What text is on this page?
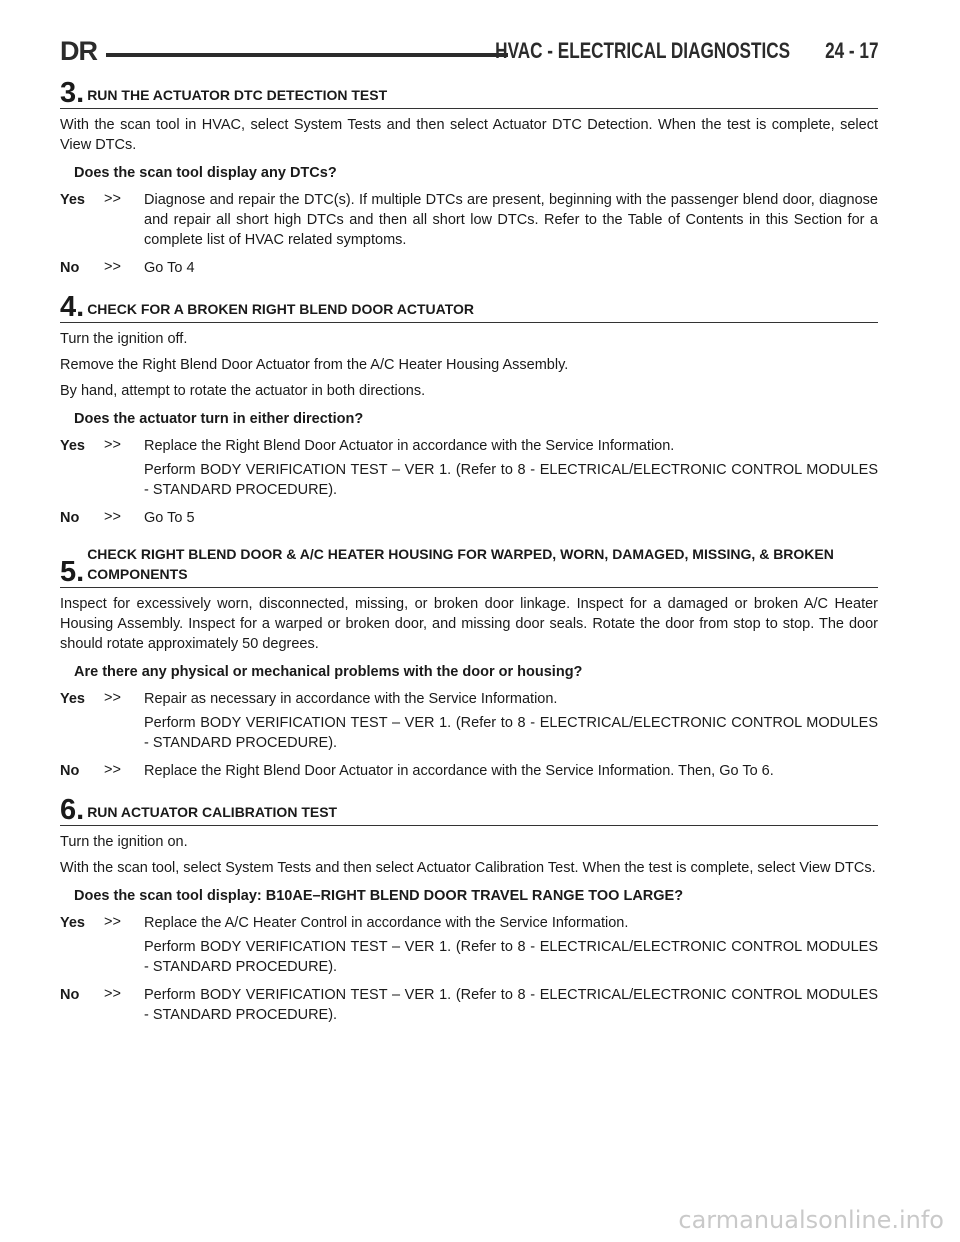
DR	HVAC - ELECTRICAL DIAGNOSTICS 24 - 17
3. RUN THE ACTUATOR DTC DETECTION TEST

With the scan tool in HVAC, select System Tests and then select Actuator DTC Detection. When the test is complete, select View DTCs.

Does the scan tool display any DTCs?
Yes	>>	Diagnose and repair the DTC(s). If multiple DTCs are present, beginning with the passenger blend door, diagnose and repair all short high DTCs and then all short low DTCs. Refer to the Table of Contents in this Section for a complete list of HVAC related symptoms.

No	>>	Go To 4

4. CHECK FOR A BROKEN RIGHT BLEND DOOR ACTUATOR

Turn the ignition off.

Remove the Right Blend Door Actuator from the A/C Heater Housing Assembly.

By hand, attempt to rotate the actuator in both directions.

Does the actuator turn in either direction?
Yes	>>	Replace the Right Blend Door Actuator in accordance with the Service Information.

Perform BODY VERIFICATION TEST – VER 1. (Refer to 8 - ELECTRICAL/ELECTRONIC CONTROL MODULES - STANDARD PROCEDURE).

No	>>	Go To 5

5.
CHECK RIGHT BLEND DOOR & A/C HEATER HOUSING FOR WARPED, WORN, DAMAGED, MISSING, & BROKEN COMPONENTS

Inspect for excessively worn, disconnected, missing, or broken door linkage. Inspect for a damaged or broken A/C Heater Housing Assembly. Inspect for a warped or broken door, and missing door seals. Rotate the door from stop to stop. The door should rotate approximately 50 degrees.

Are there any physical or mechanical problems with the door or housing?
Yes	>>	Repair as necessary in accordance with the Service Information.

Perform BODY VERIFICATION TEST – VER 1. (Refer to 8 - ELECTRICAL/ELECTRONIC CONTROL MODULES - STANDARD PROCEDURE).

No	>>	Replace the Right Blend Door Actuator in accordance with the Service Information. Then, Go To 6.

6. RUN ACTUATOR CALIBRATION TEST

Turn the ignition on.

With the scan tool, select System Tests and then select Actuator Calibration Test. When the test is complete, select View DTCs.

Does the scan tool display: B10AE–RIGHT BLEND DOOR TRAVEL RANGE TOO LARGE?
Yes	>>	Replace the A/C Heater Control in accordance with the Service Information.

Perform BODY VERIFICATION TEST – VER 1. (Refer to 8 - ELECTRICAL/ELECTRONIC CONTROL MODULES - STANDARD PROCEDURE).

No	>>	Perform BODY VERIFICATION TEST – VER 1. (Refer to 8 - ELECTRICAL/ELECTRONIC CONTROL MODULES - STANDARD PROCEDURE).

carmanualsonline.info
